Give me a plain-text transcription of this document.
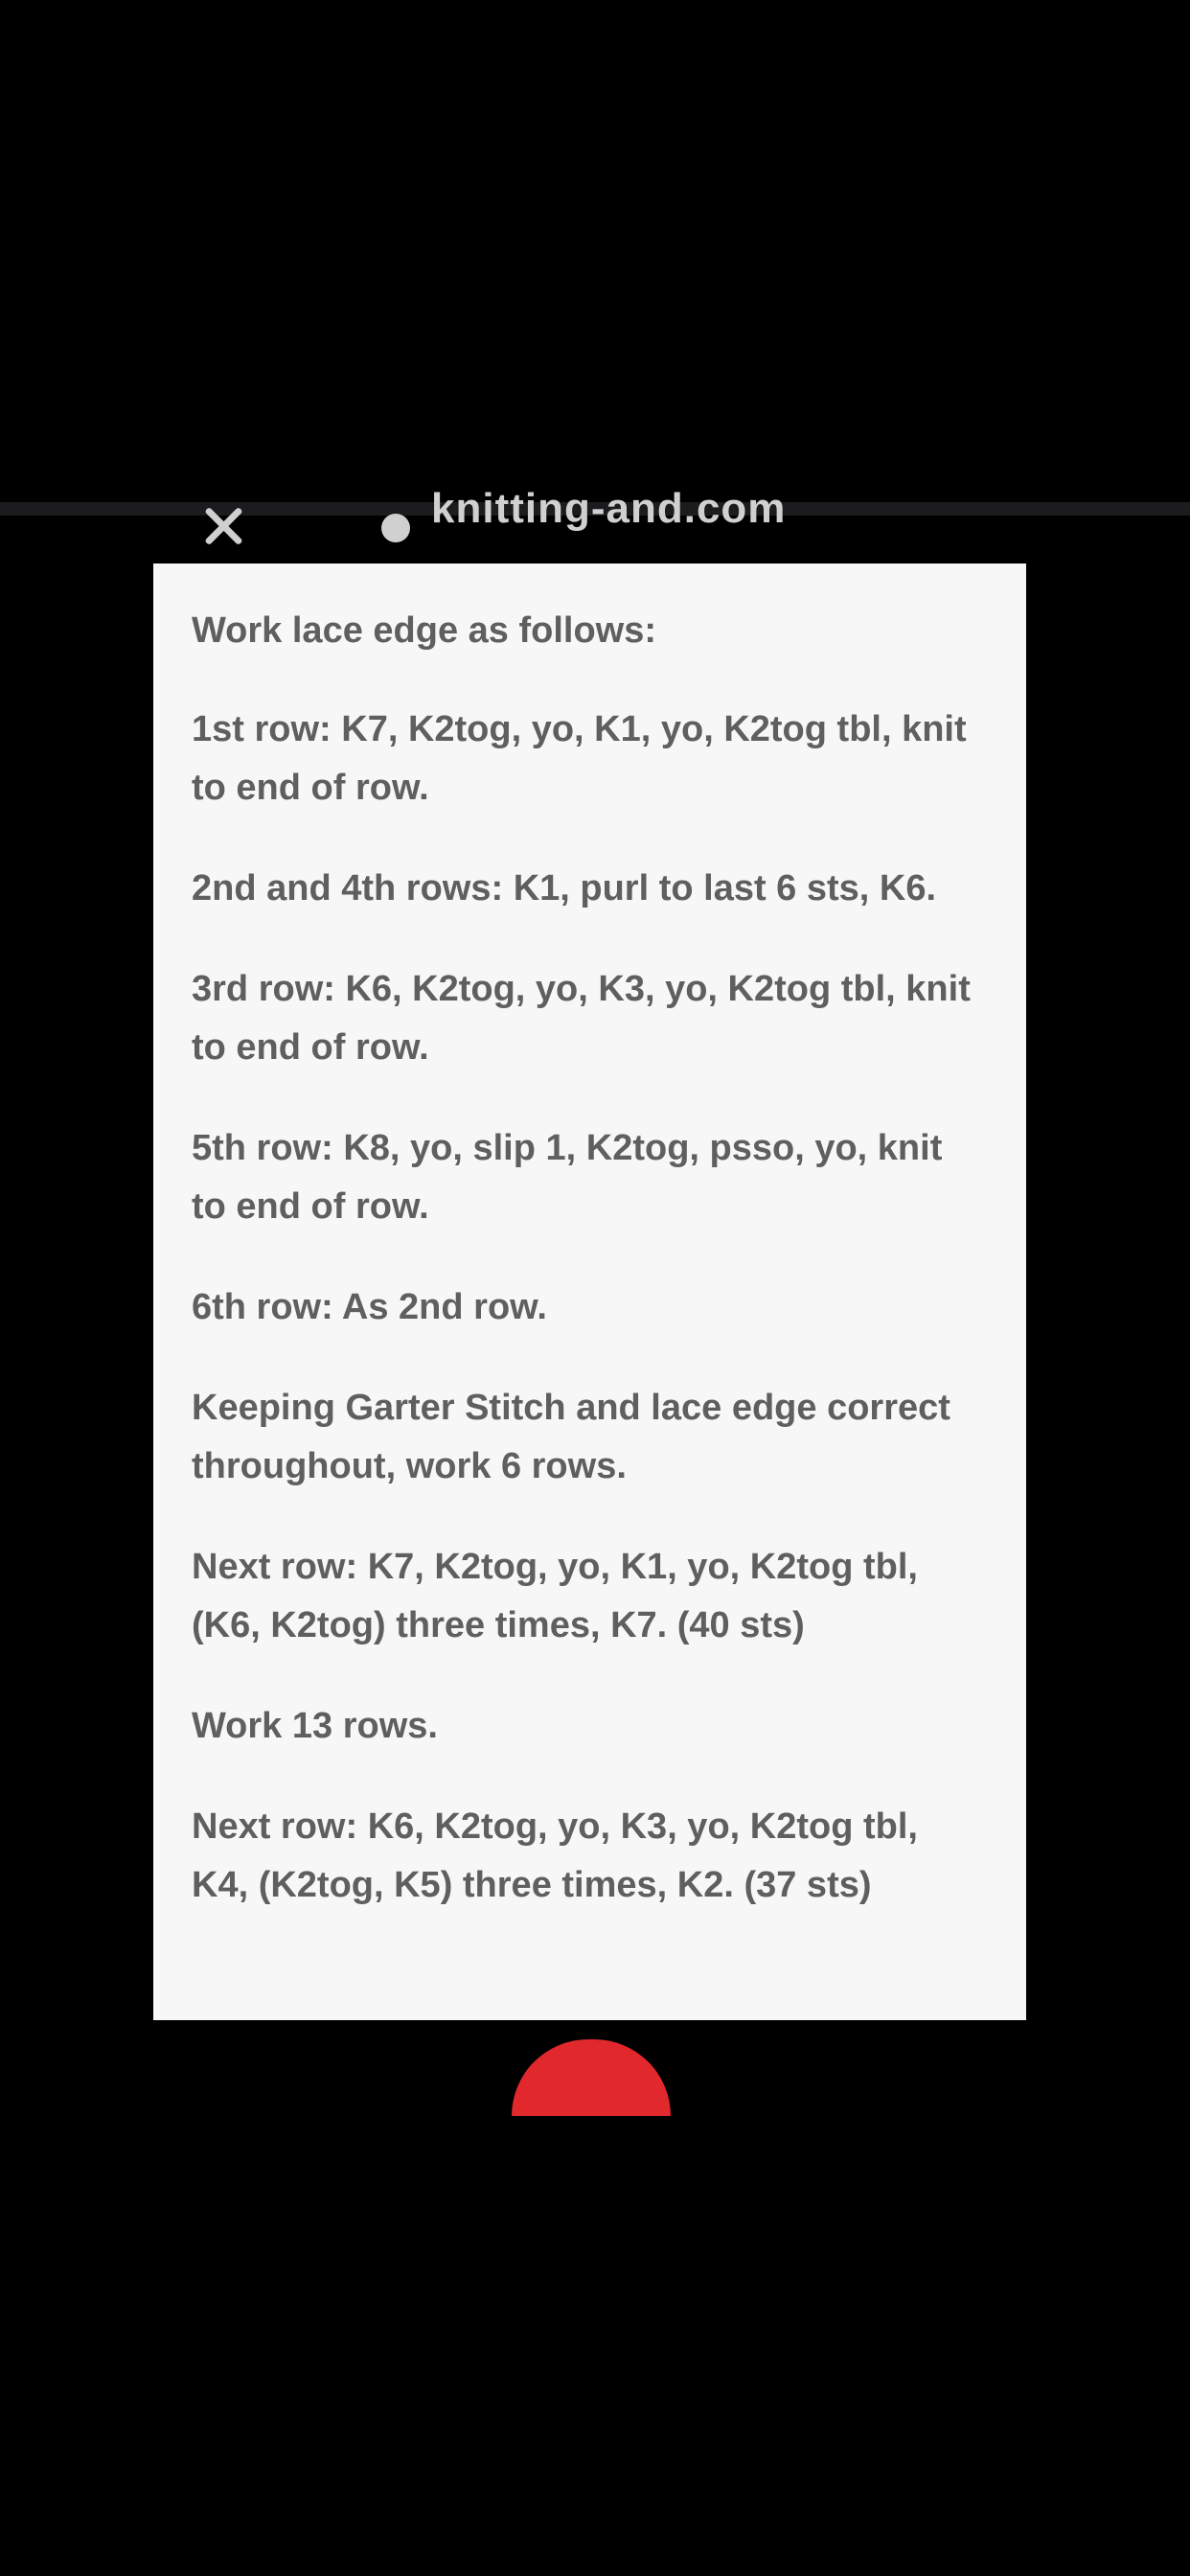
knitting-and.com

Work lace edge as follows:

1st row: K7, K2tog, yo, K1, yo, K2tog tbl, knit
to end of row.

2nd and 4th rows: K1, purl to last 6 sts, K6.

3rd row: K6, K2tog, yo, K3, yo, K2tog tbl, knit
to end of row.

5th row: K8, yo, slip 1, K2tog, psso, yo, knit
to end of row.

6th row: As 2nd row.

Keeping Garter Stitch and lace edge correct
throughout, work 6 rows.

Next row: K7, K2tog, yo, K1, yo, K2tog tbl,
(K6, K2tog) three times, K7. (40 sts)

Work 13 rows.

Next row: K6, K2tog, yo, K3, yo, K2tog tbl,
K4, (K2tog, K5) three times, K2. (37 sts)
